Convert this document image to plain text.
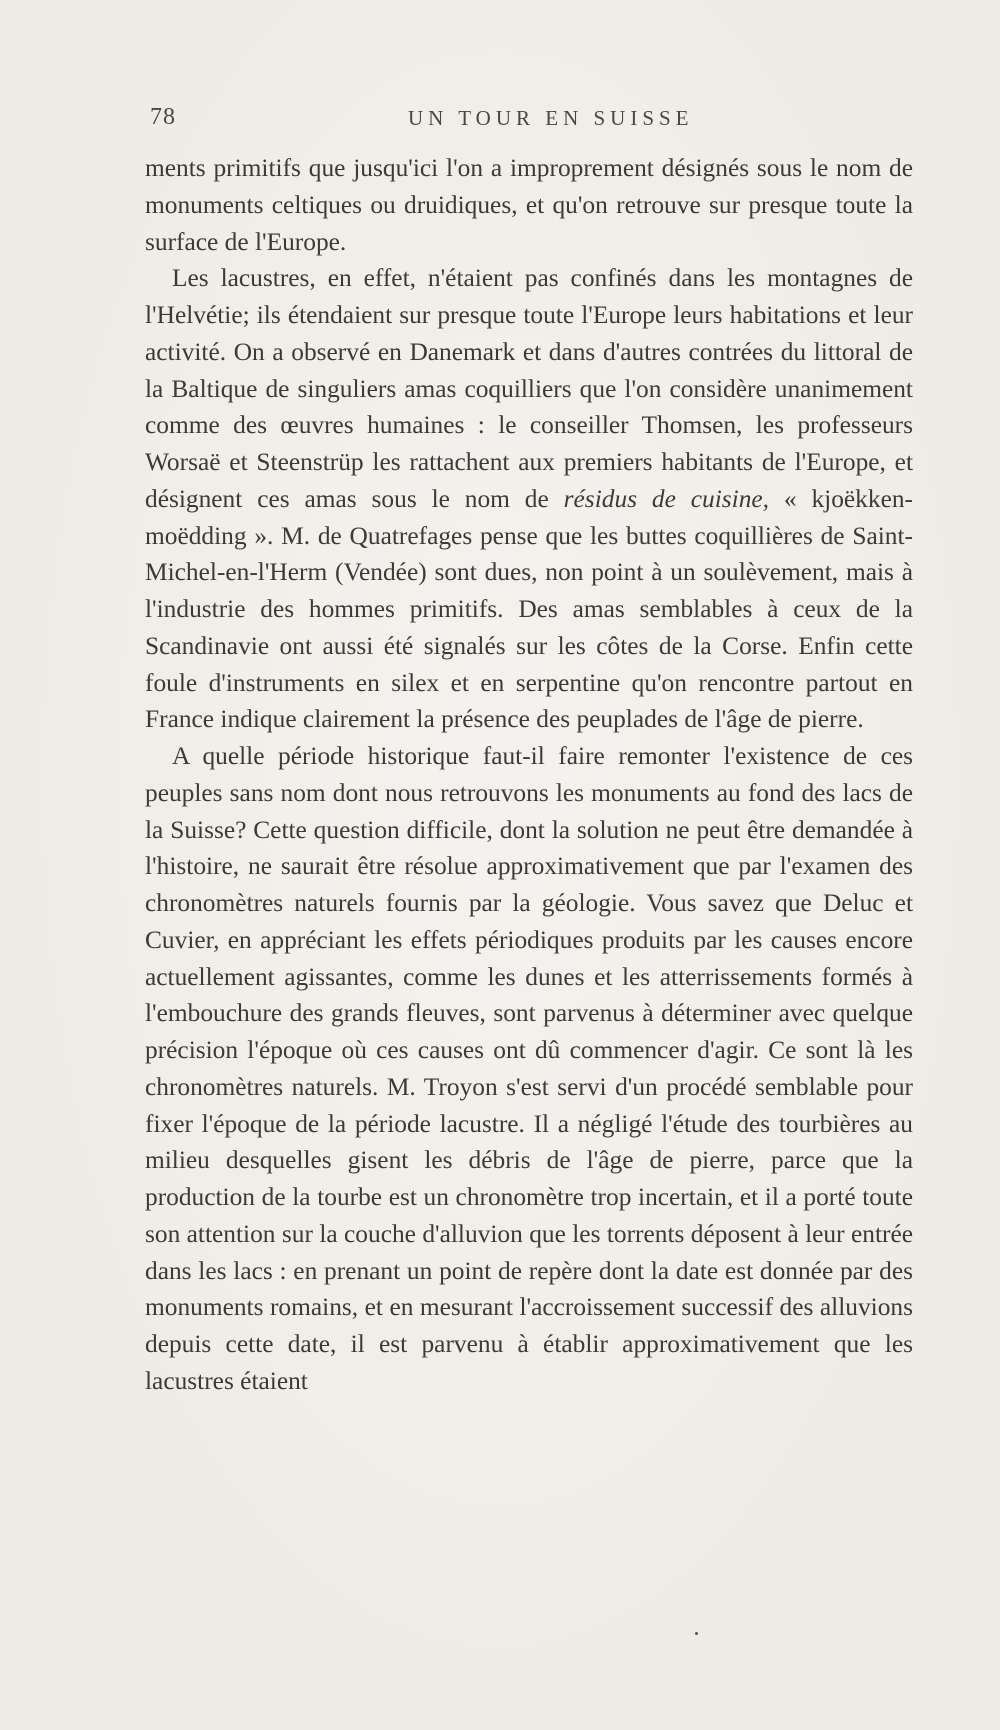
78	UN TOUR EN SUISSE

ments primitifs que jusqu'ici l'on a improprement désignés sous le nom de monuments celtiques ou druidiques, et qu'on retrouve sur presque toute la surface de l'Europe.

Les lacustres, en effet, n'étaient pas confinés dans les montagnes de l'Helvétie; ils étendaient sur presque toute l'Europe leurs habitations et leur activité. On a observé en Danemark et dans d'autres contrées du littoral de la Baltique de singuliers amas coquilliers que l'on considère unanimement comme des œuvres humaines : le conseiller Thomsen, les professeurs Worsaë et Steenstrüp les rattachent aux premiers habitants de l'Europe, et désignent ces amas sous le nom de résidus de cuisine, « kjoëkken-moëdding ». M. de Quatrefages pense que les buttes coquillières de Saint-Michel-en-l'Herm (Vendée) sont dues, non point à un soulèvement, mais à l'industrie des hommes primitifs. Des amas semblables à ceux de la Scandinavie ont aussi été signalés sur les côtes de la Corse. Enfin cette foule d'instruments en silex et en serpentine qu'on rencontre partout en France indique clairement la présence des peuplades de l'âge de pierre.

A quelle période historique faut-il faire remonter l'existence de ces peuples sans nom dont nous retrouvons les monuments au fond des lacs de la Suisse? Cette question difficile, dont la solution ne peut être demandée à l'histoire, ne saurait être résolue approximativement que par l'examen des chronomètres naturels fournis par la géologie. Vous savez que Deluc et Cuvier, en appréciant les effets périodiques produits par les causes encore actuellement agissantes, comme les dunes et les atterrissements formés à l'embouchure des grands fleuves, sont parvenus à déterminer avec quelque précision l'époque où ces causes ont dû commencer d'agir. Ce sont là les chronomètres naturels. M. Troyon s'est servi d'un procédé semblable pour fixer l'époque de la période lacustre. Il a négligé l'étude des tourbières au milieu desquelles gisent les débris de l'âge de pierre, parce que la production de la tourbe est un chronomètre trop incertain, et il a porté toute son attention sur la couche d'alluvion que les torrents déposent à leur entrée dans les lacs : en prenant un point de repère dont la date est donnée par des monuments romains, et en mesurant l'accroissement successif des alluvions depuis cette date, il est parvenu à établir approximativement que les lacustres étaient
